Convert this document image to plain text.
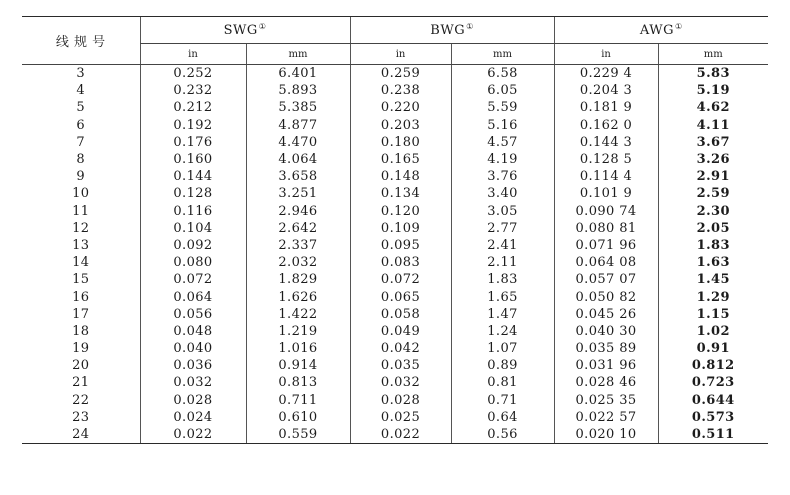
线 规 号	SWG①		BWG①		AWG①
	in	mm	in	mm	in	mm
3	0.252	6.401	0.259	6.58	0.229 4	5.83
4	0.232	5.893	0.238	6.05	0.204 3	5.19
5	0.212	5.385	0.220	5.59	0.181 9	4.62
6	0.192	4.877	0.203	5.16	0.162 0	4.11
7	0.176	4.470	0.180	4.57	0.144 3	3.67
8	0.160	4.064	0.165	4.19	0.128 5	3.26
9	0.144	3.658	0.148	3.76	0.114 4	2.91
10	0.128	3.251	0.134	3.40	0.101 9	2.59
11	0.116	2.946	0.120	3.05	0.090 74	2.30
12	0.104	2.642	0.109	2.77	0.080 81	2.05
13	0.092	2.337	0.095	2.41	0.071 96	1.83
14	0.080	2.032	0.083	2.11	0.064 08	1.63
15	0.072	1.829	0.072	1.83	0.057 07	1.45
16	0.064	1.626	0.065	1.65	0.050 82	1.29
17	0.056	1.422	0.058	1.47	0.045 26	1.15
18	0.048	1.219	0.049	1.24	0.040 30	1.02
19	0.040	1.016	0.042	1.07	0.035 89	0.91
20	0.036	0.914	0.035	0.89	0.031 96	0.812
21	0.032	0.813	0.032	0.81	0.028 46	0.723
22	0.028	0.711	0.028	0.71	0.025 35	0.644
23	0.024	0.610	0.025	0.64	0.022 57	0.573
24	0.022	0.559	0.022	0.56	0.020 10	0.511
